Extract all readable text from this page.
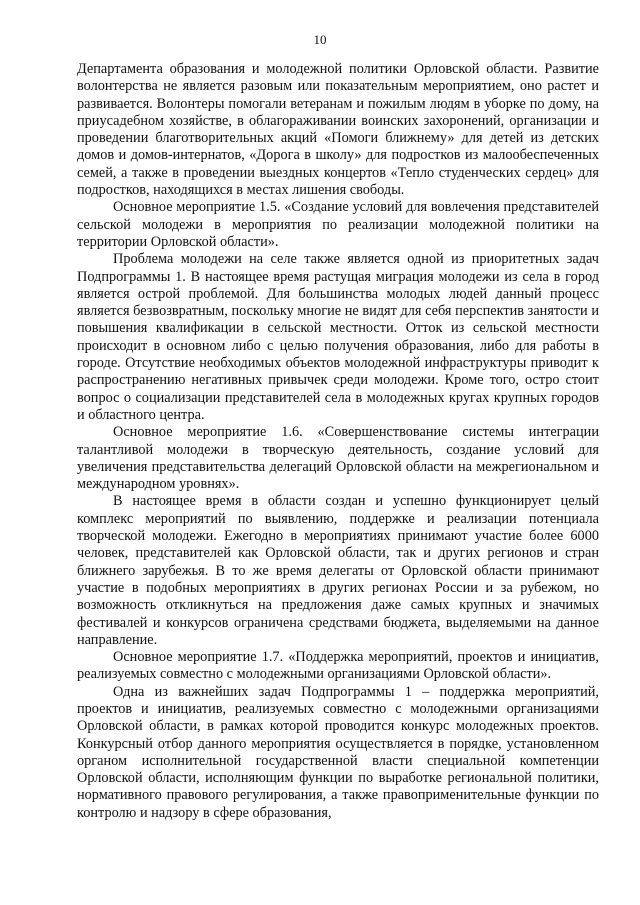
10

Департамента образования и молодежной политики Орловской области. Развитие волонтерства не является разовым или показательным мероприятием, оно растет и развивается. Волонтеры помогали ветеранам и пожилым людям в уборке по дому, на приусадебном хозяйстве, в облагораживании воинских захоронений, организации и проведении благотворительных акций «Помоги ближнему» для детей из детских домов и домов-интернатов, «Дорога в школу» для подростков из малообеспеченных семей, а также в проведении выездных концертов «Тепло студенческих сердец» для подростков, находящихся в местах лишения свободы.

Основное мероприятие 1.5. «Создание условий для вовлечения представителей сельской молодежи в мероприятия по реализации молодежной политики на территории Орловской области».

Проблема молодежи на селе также является одной из приоритетных задач Подпрограммы 1. В настоящее время растущая миграция молодежи из села в город является острой проблемой. Для большинства молодых людей данный процесс является безвозвратным, поскольку многие не видят для себя перспектив занятости и повышения квалификации в сельской местности. Отток из сельской местности происходит в основном либо с целью получения образования, либо для работы в городе. Отсутствие необходимых объектов молодежной инфраструктуры приводит к распространению негативных привычек среди молодежи. Кроме того, остро стоит вопрос о социализации представителей села в молодежных кругах крупных городов и областного центра.

Основное мероприятие 1.6. «Совершенствование системы интеграции талантливой молодежи в творческую деятельность, создание условий для увеличения представительства делегаций Орловской области на межрегиональном и международном уровнях».

В настоящее время в области создан и успешно функционирует целый комплекс мероприятий по выявлению, поддержке и реализации потенциала творческой молодежи. Ежегодно в мероприятиях принимают участие более 6000 человек, представителей как Орловской области, так и других регионов и стран ближнего зарубежья. В то же время делегаты от Орловской области принимают участие в подобных мероприятиях в других регионах России и за рубежом, но возможность откликнуться на предложения даже самых крупных и значимых фестивалей и конкурсов ограничена средствами бюджета, выделяемыми на данное направление.

Основное мероприятие 1.7. «Поддержка мероприятий, проектов и инициатив, реализуемых совместно с молодежными организациями Орловской области».

Одна из важнейших задач Подпрограммы 1 – поддержка мероприятий, проектов и инициатив, реализуемых совместно с молодежными организациями Орловской области, в рамках которой проводится конкурс молодежных проектов. Конкурсный отбор данного мероприятия осуществляется в порядке, установленном органом исполнительной государственной власти специальной компетенции Орловской области, исполняющим функции по выработке региональной политики, нормативного правового регулирования, а также правоприменительные функции по контролю и надзору в сфере образования,
